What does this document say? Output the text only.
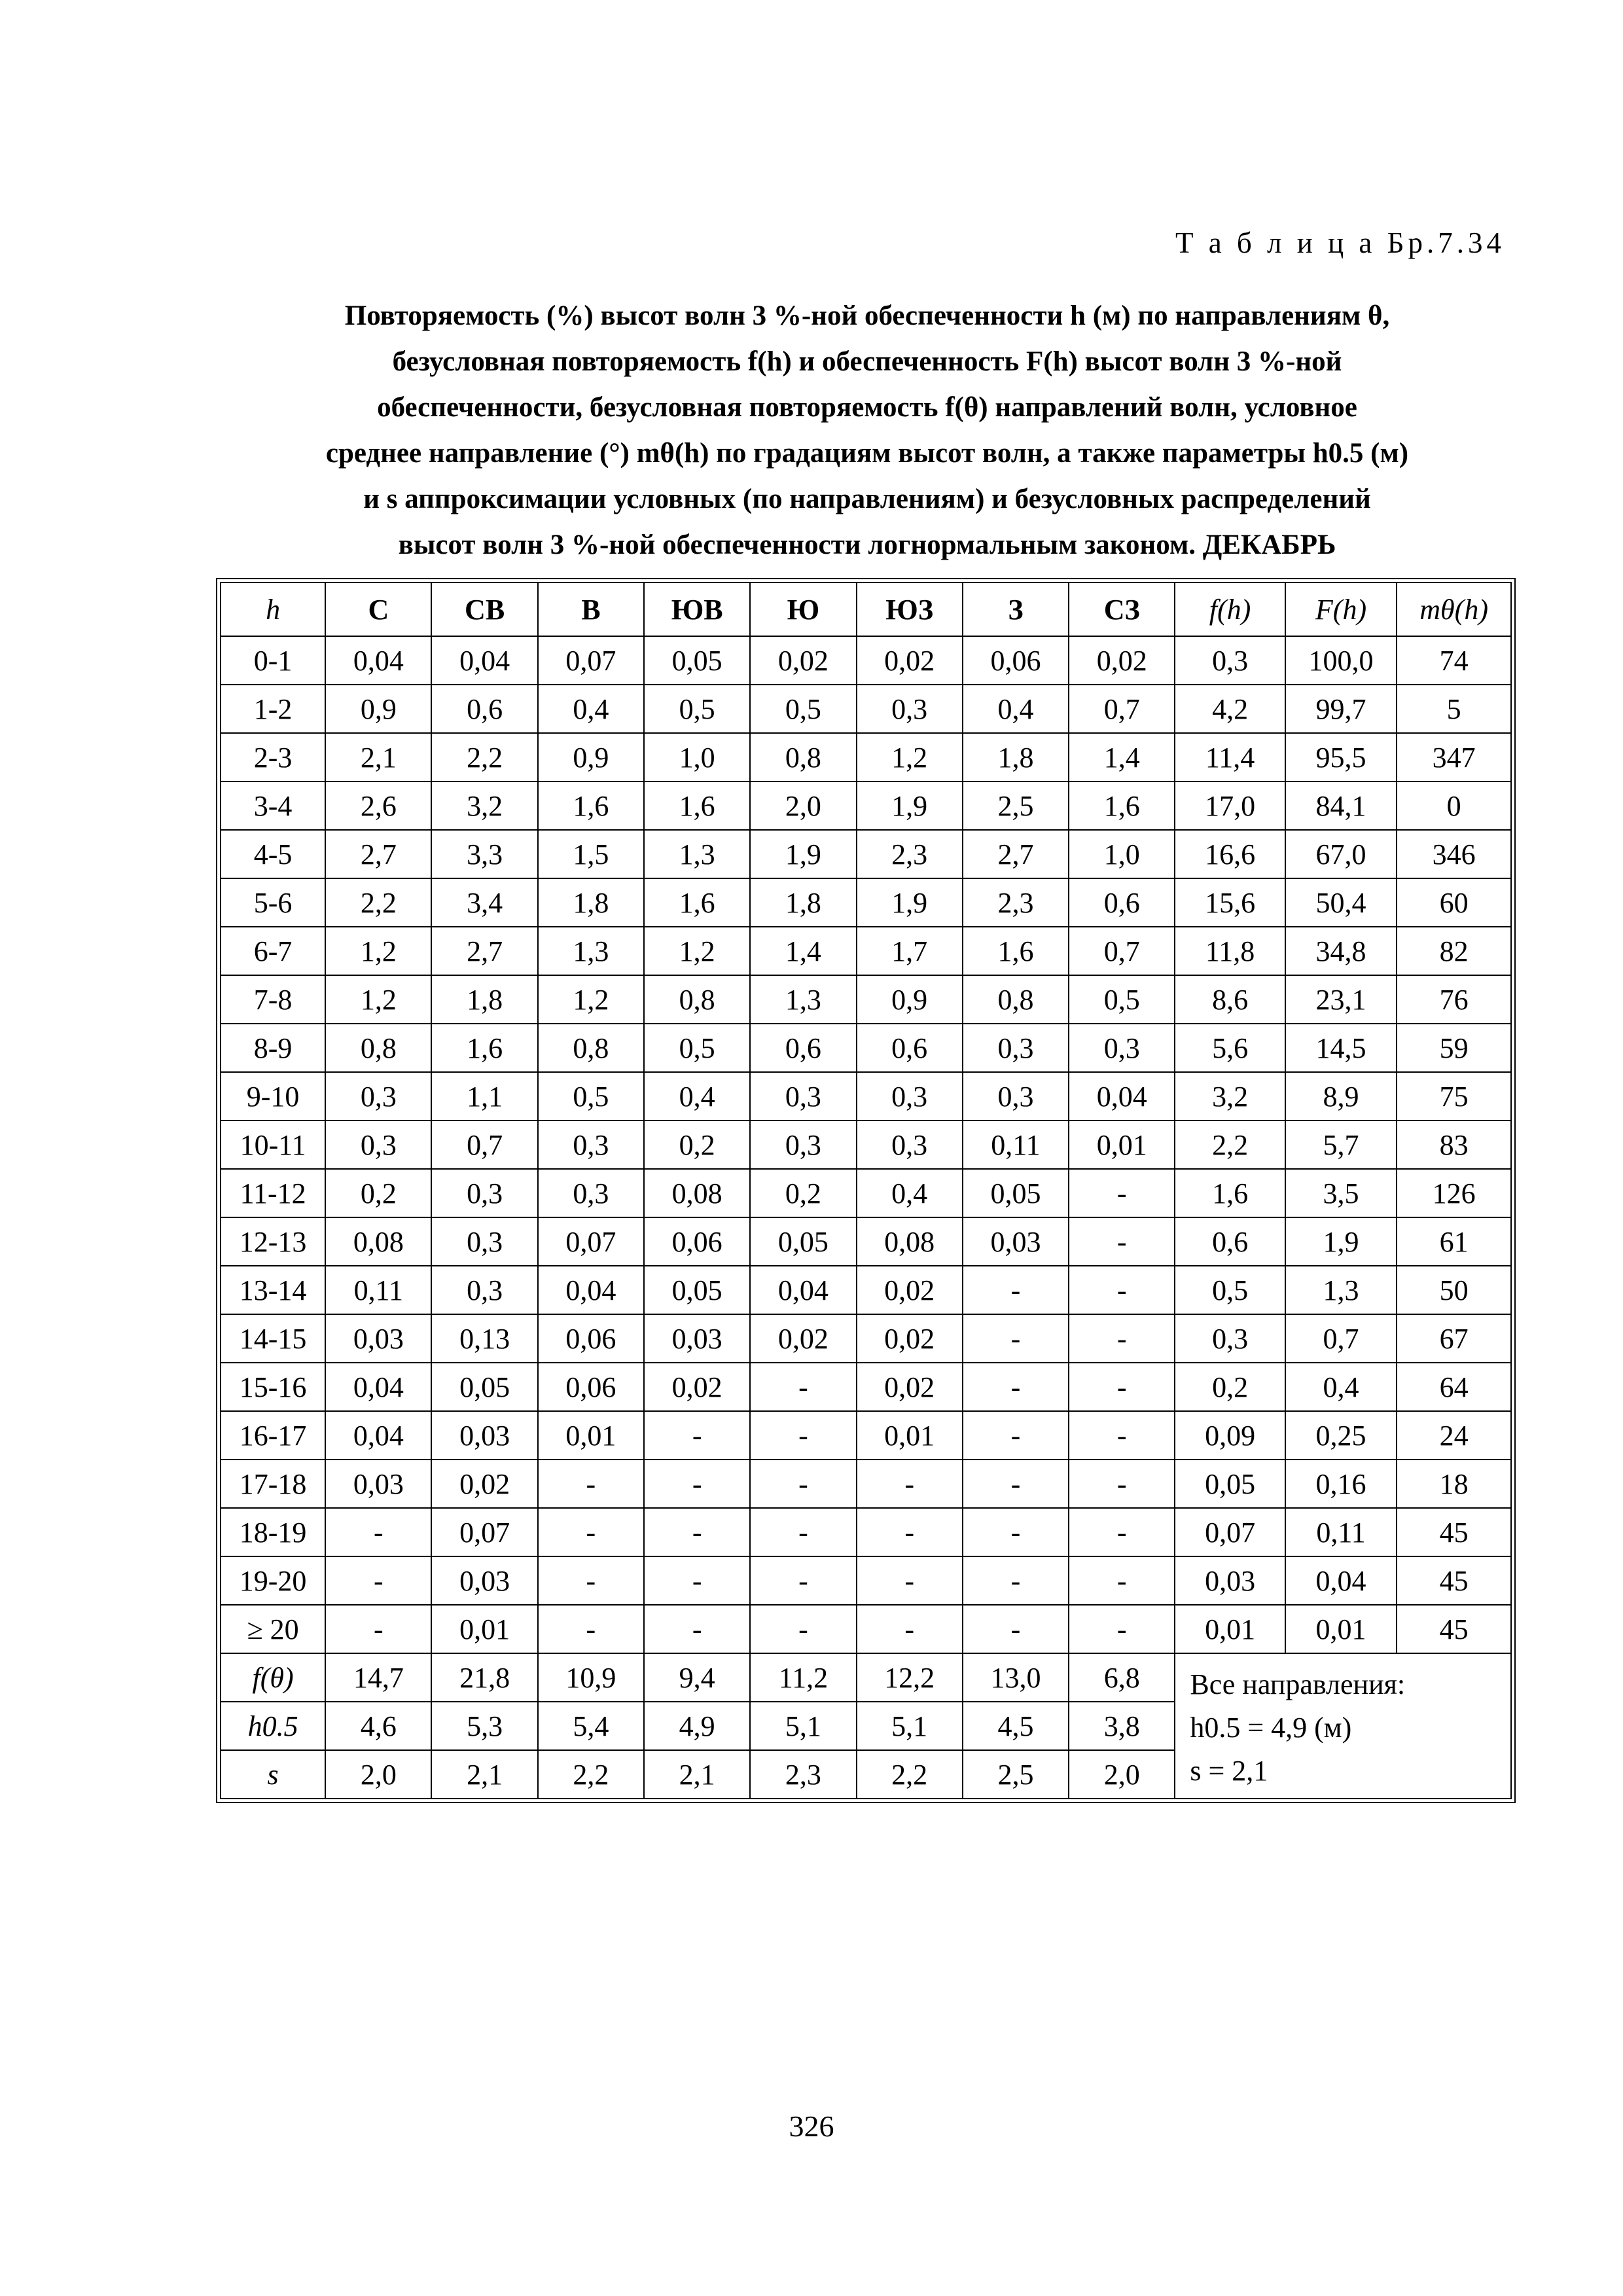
Т а б л и ц а Бр.7.34
Повторяемость (%) высот волн 3 %-ной обеспеченности h (м) по направлениям θ,
безусловная повторяемость f(h) и обеспеченность F(h) высот волн 3 %-ной
обеспеченности, безусловная повторяемость f(θ) направлений волн, условное
среднее направление (°) mθ(h) по градациям высот волн, а также параметры h0.5 (м)
и s аппроксимации условных (по направлениям) и безусловных распределений
высот волн 3 %-ной обеспеченности логнормальным законом. ДЕКАБРЬ
h	С	СВ	В	ЮВ	Ю	ЮЗ	З	СЗ	f(h)	F(h)	mθ(h)
0-1	0,04	0,04	0,07	0,05	0,02	0,02	0,06	0,02	0,3	100,0	74
1-2	0,9	0,6	0,4	0,5	0,5	0,3	0,4	0,7	4,2	99,7	5
2-3	2,1	2,2	0,9	1,0	0,8	1,2	1,8	1,4	11,4	95,5	347
3-4	2,6	3,2	1,6	1,6	2,0	1,9	2,5	1,6	17,0	84,1	0
4-5	2,7	3,3	1,5	1,3	1,9	2,3	2,7	1,0	16,6	67,0	346
5-6	2,2	3,4	1,8	1,6	1,8	1,9	2,3	0,6	15,6	50,4	60
6-7	1,2	2,7	1,3	1,2	1,4	1,7	1,6	0,7	11,8	34,8	82
7-8	1,2	1,8	1,2	0,8	1,3	0,9	0,8	0,5	8,6	23,1	76
8-9	0,8	1,6	0,8	0,5	0,6	0,6	0,3	0,3	5,6	14,5	59
9-10	0,3	1,1	0,5	0,4	0,3	0,3	0,3	0,04	3,2	8,9	75
10-11	0,3	0,7	0,3	0,2	0,3	0,3	0,11	0,01	2,2	5,7	83
11-12	0,2	0,3	0,3	0,08	0,2	0,4	0,05	-	1,6	3,5	126
12-13	0,08	0,3	0,07	0,06	0,05	0,08	0,03	-	0,6	1,9	61
13-14	0,11	0,3	0,04	0,05	0,04	0,02	-	-	0,5	1,3	50
14-15	0,03	0,13	0,06	0,03	0,02	0,02	-	-	0,3	0,7	67
15-16	0,04	0,05	0,06	0,02	-	0,02	-	-	0,2	0,4	64
16-17	0,04	0,03	0,01	-	-	0,01	-	-	0,09	0,25	24
17-18	0,03	0,02	-	-	-	-	-	-	0,05	0,16	18
18-19	-	0,07	-	-	-	-	-	-	0,07	0,11	45
19-20	-	0,03	-	-	-	-	-	-	0,03	0,04	45
≥ 20	-	0,01	-	-	-	-	-	-	0,01	0,01	45
f(θ)	14,7	21,8	10,9	9,4	11,2	12,2	13,0	6,8	Все направления:
h0.5 = 4,9 (м)
s = 2,1		

h0.5	4,6	5,3	5,4	4,9	5,1	5,1	4,5	3,8			
s	2,0	2,1	2,2	2,1	2,3	2,2	2,5	2,0			
326
